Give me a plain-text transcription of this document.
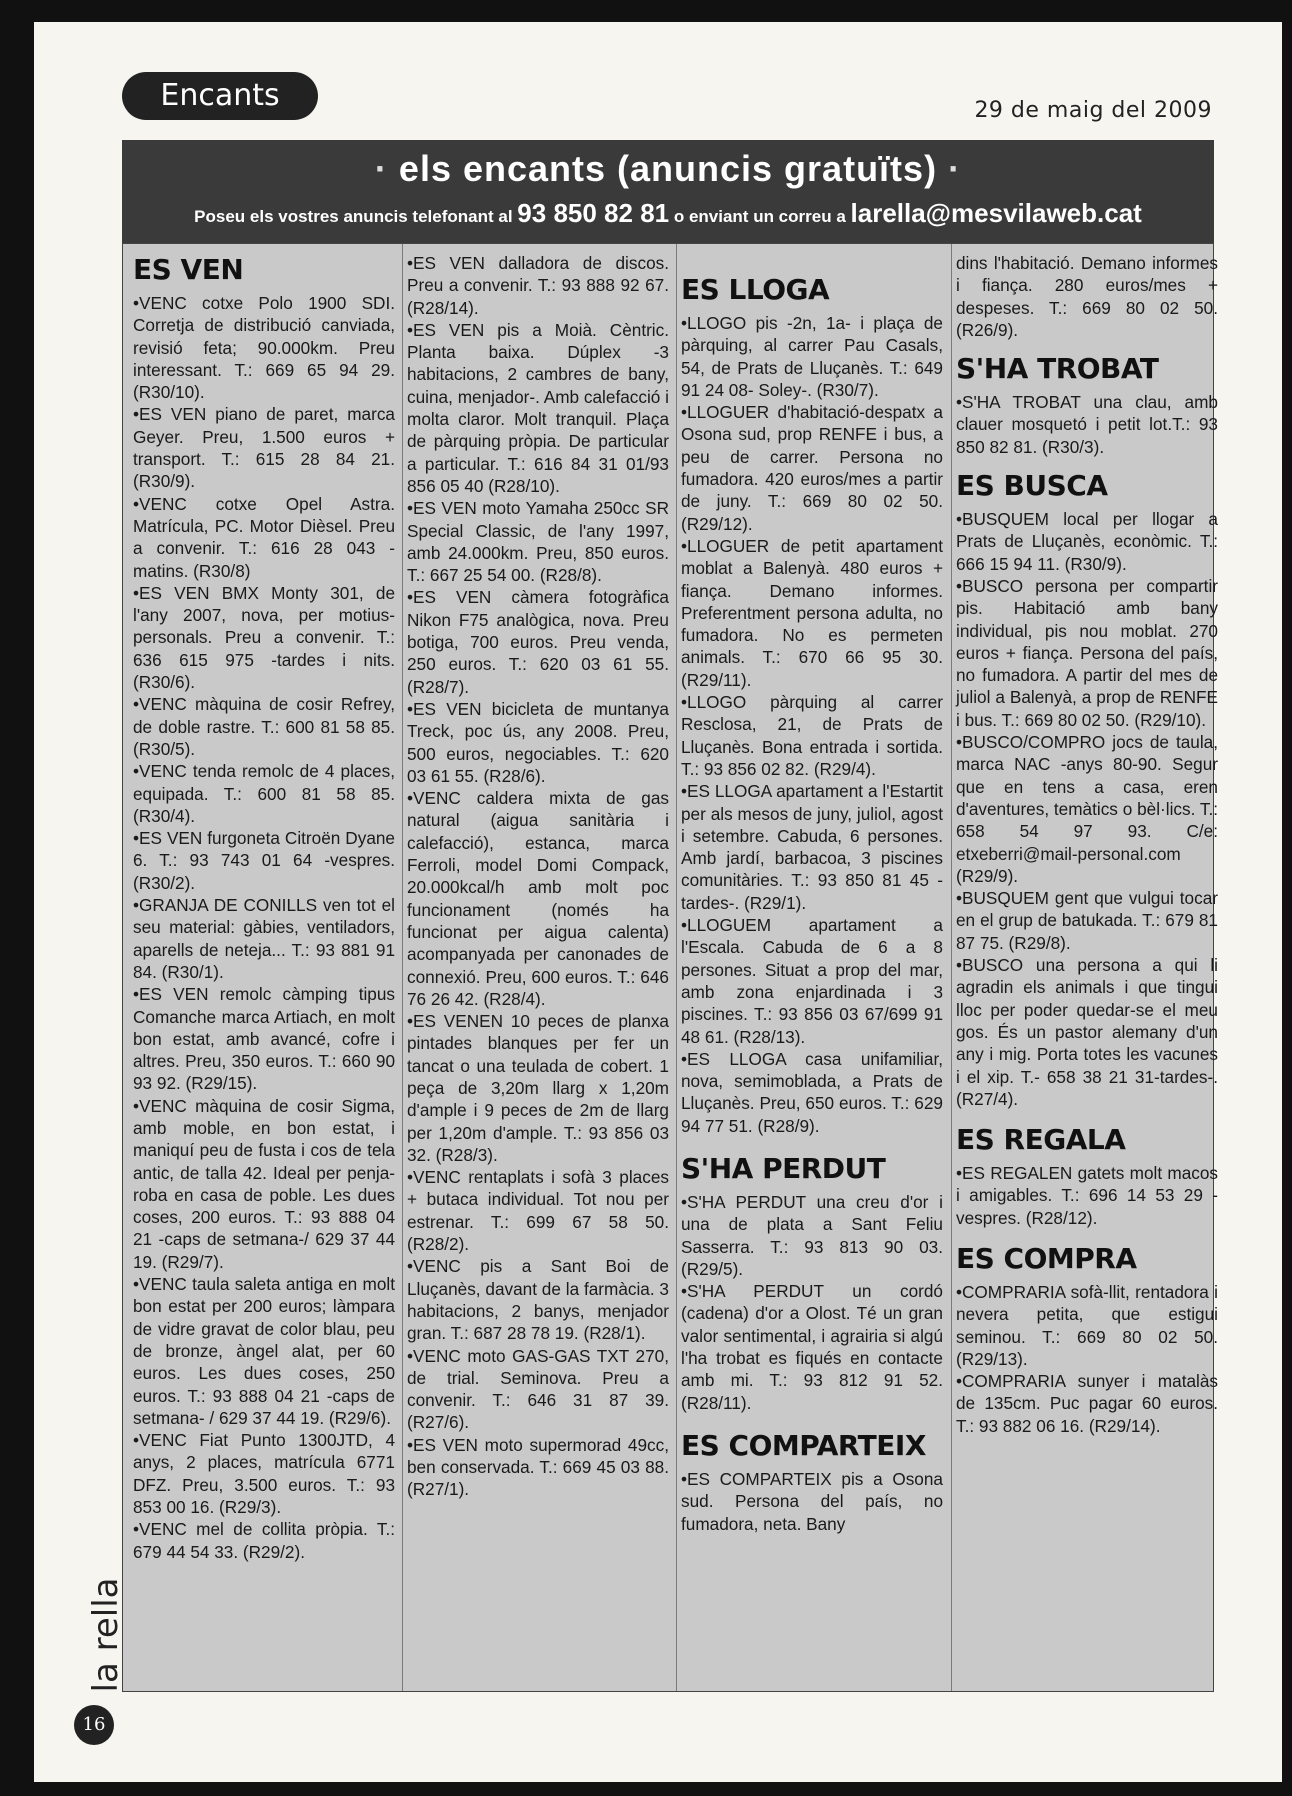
Encants	29 de maig del 2009
· els encants (anuncis gratuïts) ·
Poseu els vostres anuncis telefonant al 93 850 82 81 o enviant un correu a larella@mesvilaweb.cat
ES VEN

•VENC cotxe Polo 1900 SDI. Corretja de distribució canviada, revisió feta; 90.000km. Preu interessant. T.: 669 65 94 29. (R30/10).

•ES VEN piano de paret, marca Geyer. Preu, 1.500 euros + transport. T.: 615 28 84 21. (R30/9).

•VENC cotxe Opel Astra. Matrícula, PC. Motor Dièsel. Preu a convenir. T.: 616 28 043 -matins. (R30/8)

•ES VEN BMX Monty 301, de l'any 2007, nova, per motius-personals. Preu a convenir. T.: 636 615 975 -tardes i nits. (R30/6).

•VENC màquina de cosir Refrey, de doble rastre. T.: 600 81 58 85. (R30/5).

•VENC tenda remolc de 4 places, equipada. T.: 600 81 58 85. (R30/4).

•ES VEN furgoneta Citroën Dyane 6. T.: 93 743 01 64 -vespres. (R30/2).

•GRANJA DE CONILLS ven tot el seu material: gàbies, ventiladors, aparells de neteja... T.: 93 881 91 84. (R30/1).

•ES VEN remolc càmping tipus Comanche marca Artiach, en molt bon estat, amb avancé, cofre i altres. Preu, 350 euros. T.: 660 90 93 92. (R29/15).

•VENC màquina de cosir Sigma, amb moble, en bon estat, i maniquí peu de fusta i cos de tela antic, de talla 42. Ideal per penja-roba en casa de poble. Les dues coses, 200 euros. T.: 93 888 04 21 -caps de setmana-/ 629 37 44 19. (R29/7).

•VENC taula saleta antiga en molt bon estat per 200 euros; làmpara de vidre gravat de color blau, peu de bronze, àngel alat, per 60 euros. Les dues coses, 250 euros. T.: 93 888 04 21 -caps de setmana- / 629 37 44 19. (R29/6).

•VENC Fiat Punto 1300JTD, 4 anys, 2 places, matrícula 6771 DFZ. Preu, 3.500 euros. T.: 93 853 00 16. (R29/3).

•VENC mel de collita pròpia. T.: 679 44 54 33. (R29/2).

•ES VEN dalladora de discos. Preu a convenir. T.: 93 888 92 67. (R28/14).

•ES VEN pis a Moià. Cèntric. Planta baixa. Dúplex -3 habitacions, 2 cambres de bany, cuina, menjador-. Amb calefacció i molta claror. Molt tranquil. Plaça de pàrquing pròpia. De particular a particular. T.: 616 84 31 01/93 856 05 40 (R28/10).

•ES VEN moto Yamaha 250cc SR Special Classic, de l'any 1997, amb 24.000km. Preu, 850 euros. T.: 667 25 54 00. (R28/8).

•ES VEN càmera fotogràfica Nikon F75 analògica, nova. Preu botiga, 700 euros. Preu venda, 250 euros. T.: 620 03 61 55. (R28/7).

•ES VEN bicicleta de muntanya Treck, poc ús, any 2008. Preu, 500 euros, negociables. T.: 620 03 61 55. (R28/6).

•VENC caldera mixta de gas natural (aigua sanitària i calefacció), estanca, marca Ferroli, model Domi Compack, 20.000kcal/h amb molt poc funcionament (només ha funcionat per aigua calenta) acompanyada per canonades de connexió. Preu, 600 euros. T.: 646 76 26 42. (R28/4).

•ES VENEN 10 peces de planxa pintades blanques per fer un tancat o una teulada de cobert. 1 peça de 3,20m llarg x 1,20m d'ample i 9 peces de 2m de llarg per 1,20m d'ample. T.: 93 856 03 32. (R28/3).

•VENC rentaplats i sofà 3 places + butaca individual. Tot nou per estrenar. T.: 699 67 58 50. (R28/2).

•VENC pis a Sant Boi de Lluçanès, davant de la farmàcia. 3 habitacions, 2 banys, menjador gran. T.: 687 28 78 19. (R28/1).

•VENC moto GAS-GAS TXT 270, de trial. Seminova. Preu a convenir. T.: 646 31 87 39. (R27/6).

•ES VEN moto supermorad 49cc, ben conservada. T.: 669 45 03 88. (R27/1).

ES LLOGA

•LLOGO pis -2n, 1a- i plaça de pàrquing, al carrer Pau Casals, 54, de Prats de Lluçanès. T.: 649 91 24 08- Soley-. (R30/7).

•LLOGUER d'habitació-despatx a Osona sud, prop RENFE i bus, a peu de carrer. Persona no fumadora. 420 euros/mes a partir de juny. T.: 669 80 02 50. (R29/12).

•LLOGUER de petit apartament moblat a Balenyà. 480 euros + fiança. Demano informes. Preferentment persona adulta, no fumadora. No es permeten animals. T.: 670 66 95 30. (R29/11).

•LLOGO pàrquing al carrer Resclosa, 21, de Prats de Lluçanès. Bona entrada i sortida. T.: 93 856 02 82. (R29/4).

•ES LLOGA apartament a l'Estartit per als mesos de juny, juliol, agost i setembre. Cabuda, 6 persones. Amb jardí, barbacoa, 3 piscines comunitàries. T.: 93 850 81 45 -tardes-. (R29/1).

•LLOGUEM apartament a l'Escala. Cabuda de 6 a 8 persones. Situat a prop del mar, amb zona enjardinada i 3 piscines. T.: 93 856 03 67/699 91 48 61. (R28/13).

•ES LLOGA casa unifamiliar, nova, semimoblada, a Prats de Lluçanès. Preu, 650 euros. T.: 629 94 77 51. (R28/9).

S'HA PERDUT

•S'HA PERDUT una creu d'or i una de plata a Sant Feliu Sasserra. T.: 93 813 90 03. (R29/5).

•S'HA PERDUT un cordó (cadena) d'or a Olost. Té un gran valor sentimental, i agrairia si algú l'ha trobat es fiqués en contacte amb mi. T.: 93 812 91 52. (R28/11).

ES COMPARTEIX

•ES COMPARTEIX pis a Osona sud. Persona del país, no fumadora, neta. Bany

dins l'habitació. Demano informes i fiança. 280 euros/mes + despeses. T.: 669 80 02 50. (R26/9).

S'HA TROBAT

•S'HA TROBAT una clau, amb clauer mosquetó i petit lot.T.: 93 850 82 81. (R30/3).

ES BUSCA

•BUSQUEM local per llogar a Prats de Lluçanès, econòmic. T.: 666 15 94 11. (R30/9).

•BUSCO persona per compartir pis. Habitació amb bany individual, pis nou moblat. 270 euros + fiança. Persona del país, no fumadora. A partir del mes de juliol a Balenyà, a prop de RENFE i bus. T.: 669 80 02 50. (R29/10).

•BUSCO/COMPRO jocs de taula, marca NAC -anys 80-90. Segur que en tens a casa, eren d'aventures, temàtics o bèl·lics. T.: 658 54 97 93. C/e: etxeberri@mail-personal.com (R29/9).

•BUSQUEM gent que vulgui tocar en el grup de batukada. T.: 679 81 87 75. (R29/8).

•BUSCO una persona a qui li agradin els animals i que tingui lloc per poder quedar-se el meu gos. És un pastor alemany d'un any i mig. Porta totes les vacunes i el xip. T.- 658 38 21 31-tardes-. (R27/4).

ES REGALA

•ES REGALEN gatets molt macos i amigables. T.: 696 14 53 29 -vespres. (R28/12).

ES COMPRA

•COMPRARIA sofà-llit, rentadora i nevera petita, que estigui seminou. T.: 669 80 02 50. (R29/13).

•COMPRARIA sunyer i matalàs de 135cm. Puc pagar 60 euros. T.: 93 882 06 16. (R29/14).

la rella
16
